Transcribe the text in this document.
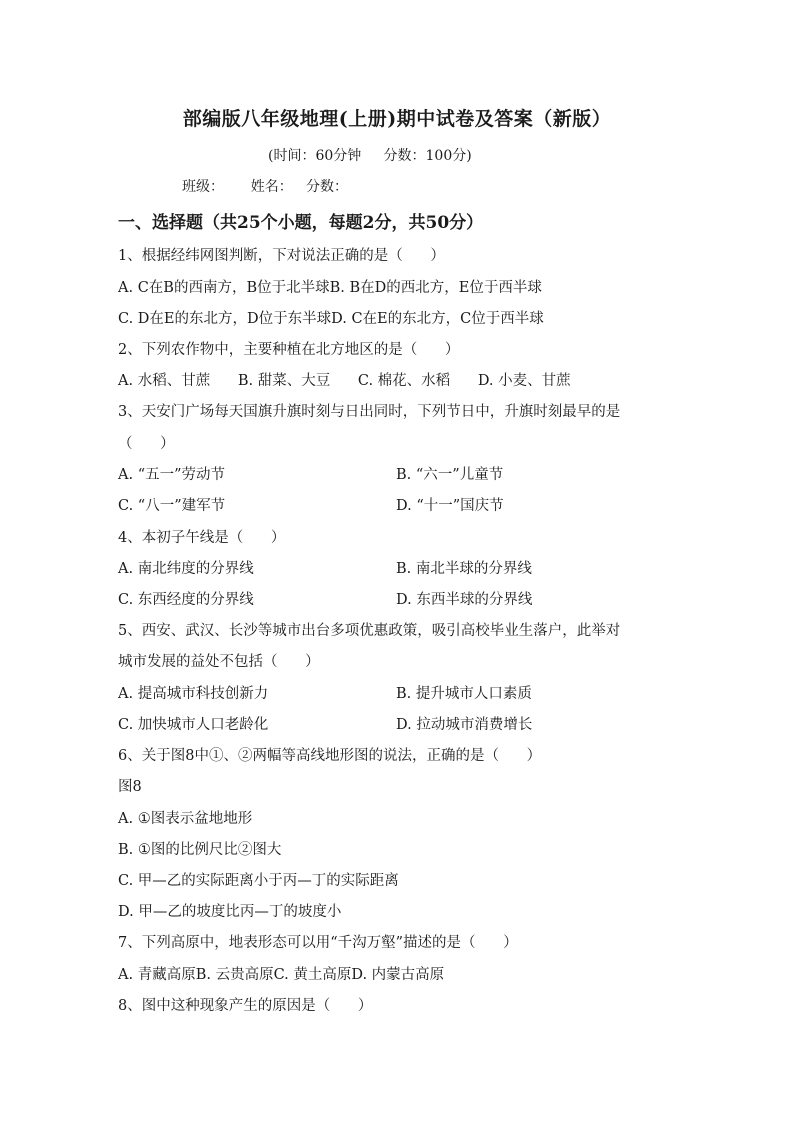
部编版八年级地理(上册)期中试卷及答案（新版）
(时间：60分钟     分数：100分)
班级：      姓名：   分数：
一、选择题（共25个小题，每题2分，共50分）
1、根据经纬网图判断，下对说法正确的是（      ）
A. C在B的西南方，B位于北半球B. B在D的西北方，E位于西半球
C. D在E的东北方，D位于东半球D. C在E的东北方，C位于西半球
2、下列农作物中，主要种植在北方地区的是（      ）
A. 水稻、甘蔗      B. 甜菜、大豆      C. 棉花、水稻      D. 小麦、甘蔗
3、天安门广场每天国旗升旗时刻与日出同时，下列节日中，升旗时刻最早的是
（      ）
A. “五一”劳动节	B. “六一”儿童节
C. “八一”建军节	D. “十一”国庆节
4、本初子午线是（      ）
A. 南北纬度的分界线	B. 南北半球的分界线
C. 东西经度的分界线	D. 东西半球的分界线
5、西安、武汉、长沙等城市出台多项优惠政策，吸引高校毕业生落户，此举对
城市发展的益处不包括（      ）
A. 提高城市科技创新力	B. 提升城市人口素质
C. 加快城市人口老龄化	D. 拉动城市消费增长
6、关于图8中①、②两幅等高线地形图的说法，正确的是（      ）
图8
A. ①图表示盆地地形
B. ①图的比例尺比②图大
C. 甲—乙的实际距离小于丙—丁的实际距离
D. 甲—乙的坡度比丙—丁的坡度小
7、下列高原中，地表形态可以用“千沟万壑”描述的是（      ）
A. 青藏高原B. 云贵高原C. 黄土高原D. 内蒙古高原
8、图中这种现象产生的原因是（      ）
